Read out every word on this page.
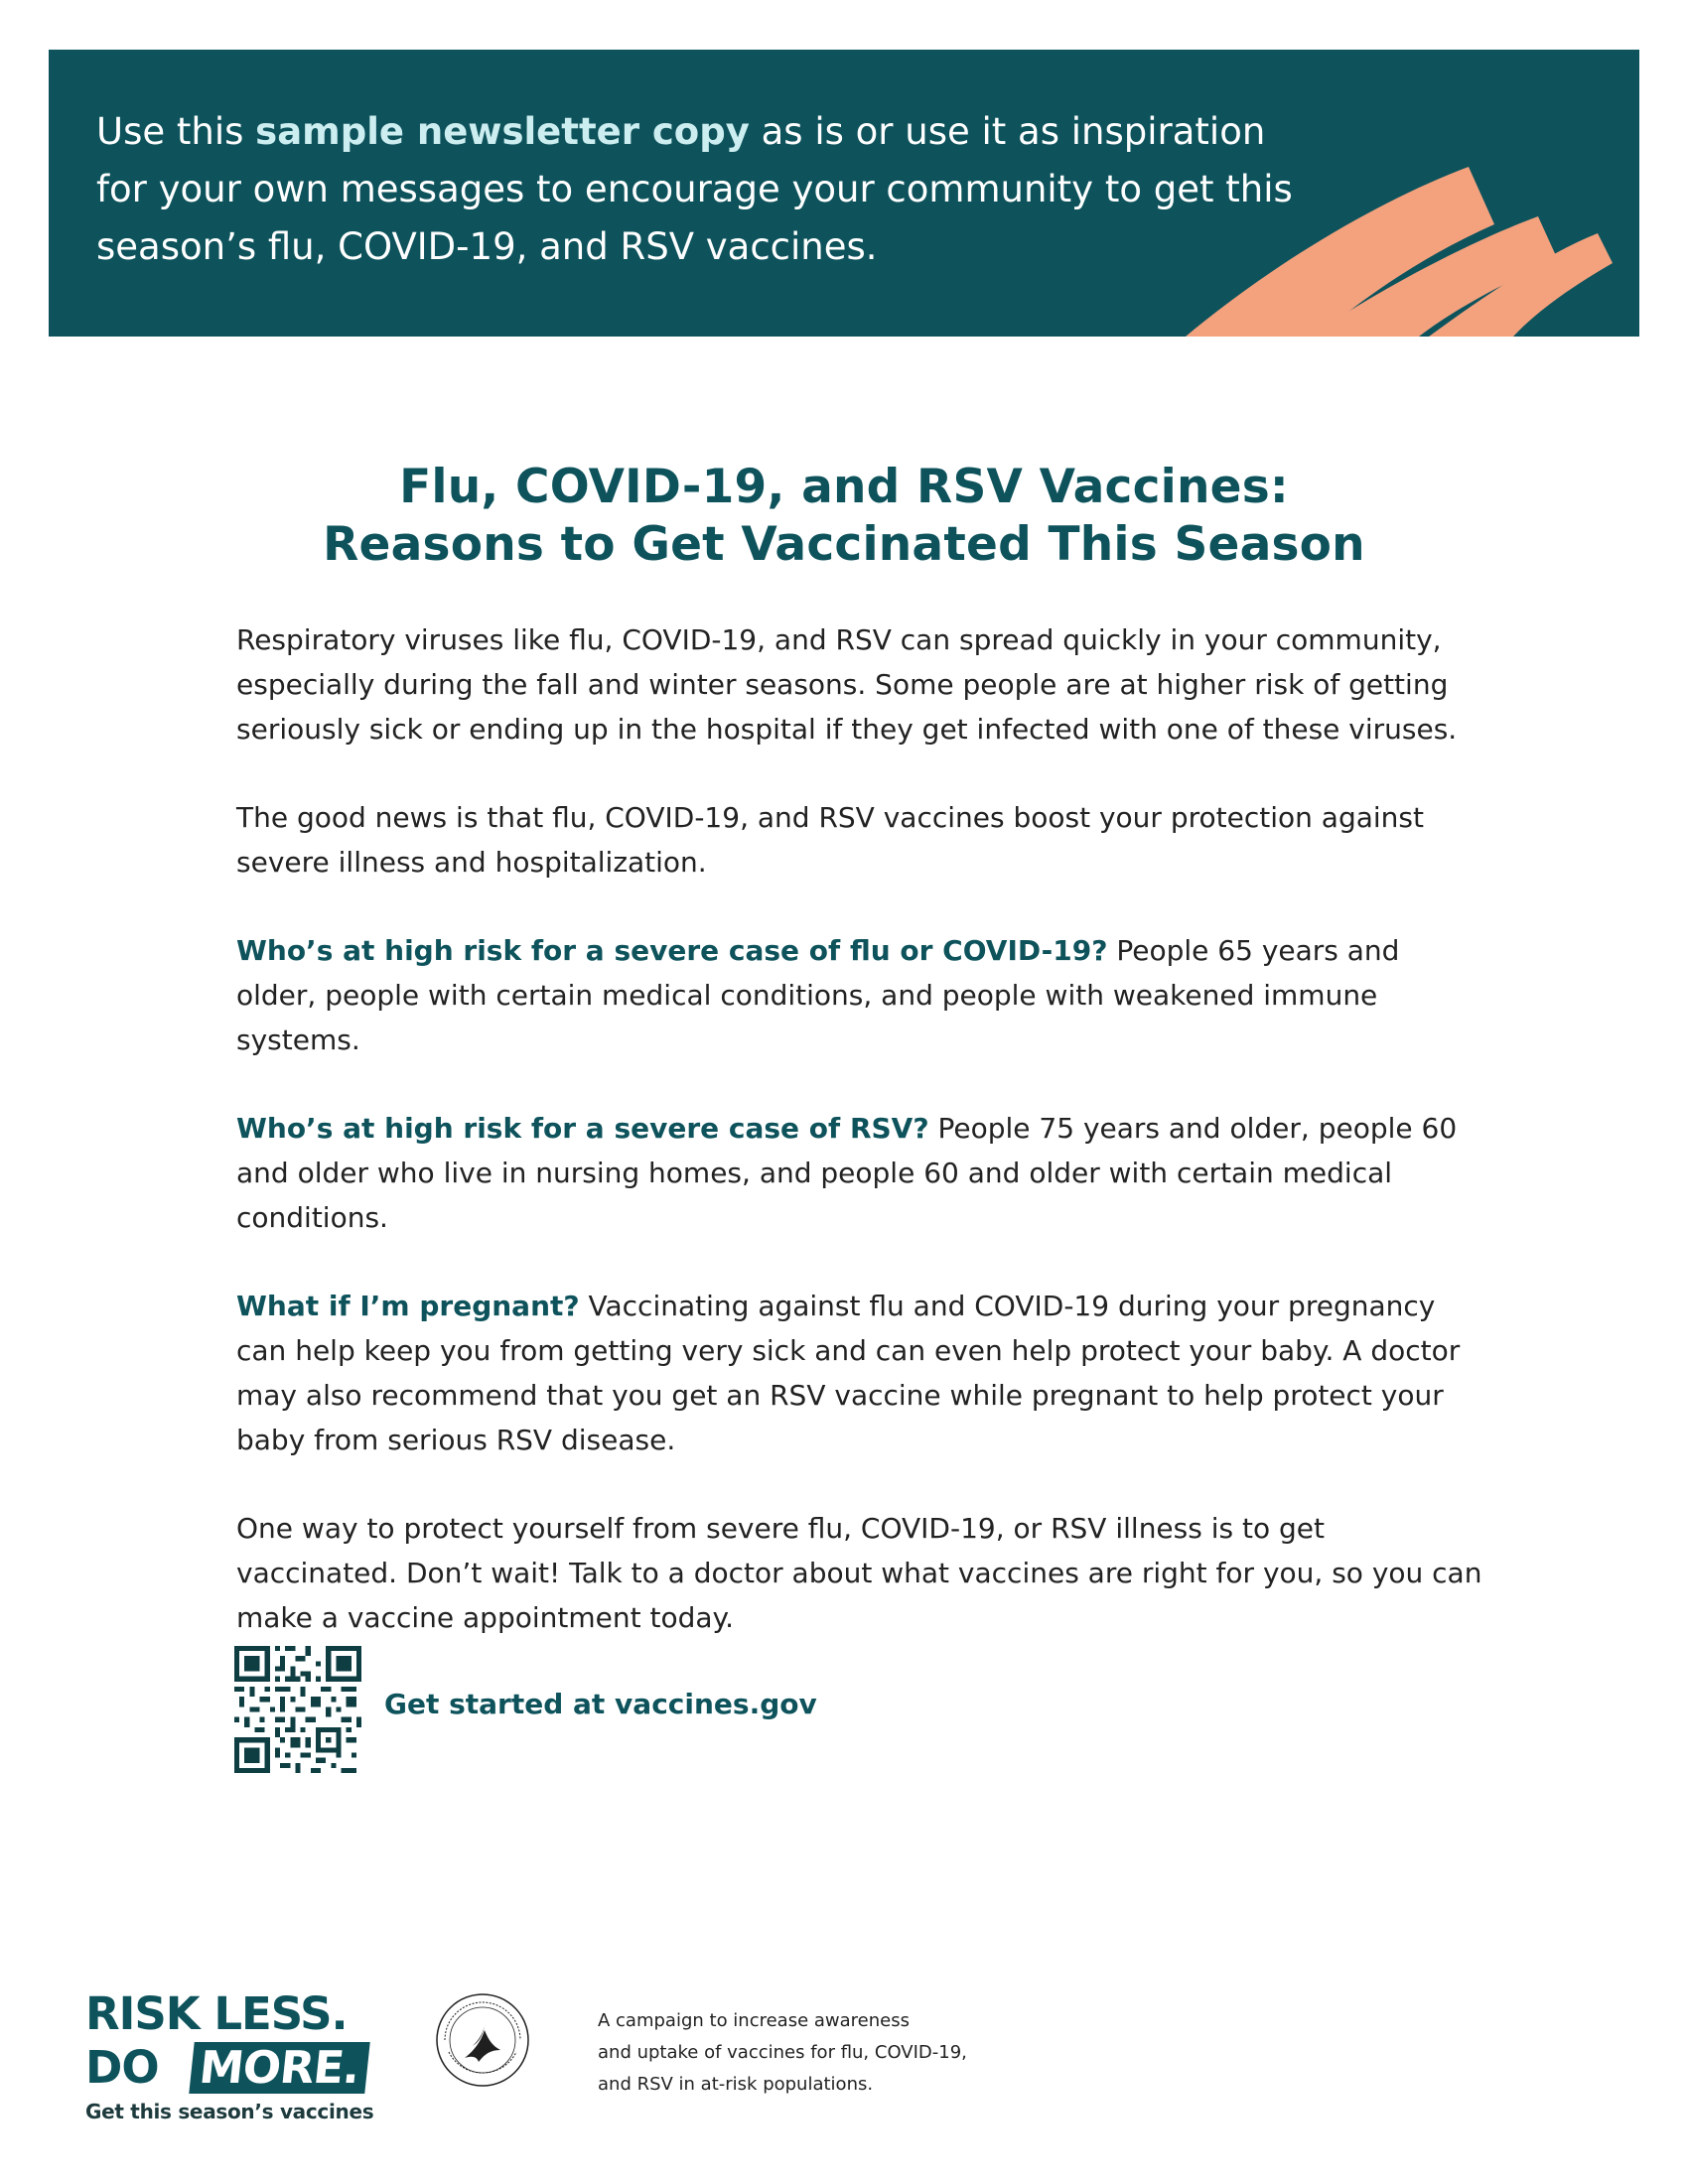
Use this sample newsletter copy as is or use it as inspiration for your own messages to encourage your community to get this season’s flu, COVID-19, and RSV vaccines.

Flu, COVID-19, and RSV Vaccines:
Reasons to Get Vaccinated This Season

Respiratory viruses like flu, COVID-19, and RSV can spread quickly in your community, especially during the fall and winter seasons. Some people are at higher risk of getting seriously sick or ending up in the hospital if they get infected with one of these viruses.

The good news is that flu, COVID-19, and RSV vaccines boost your protection against severe illness and hospitalization.

Who’s at high risk for a severe case of flu or COVID-19? People 65 years and older, people with certain medical conditions, and people with weakened immune systems.

Who’s at high risk for a severe case of RSV? People 75 years and older, people 60 and older who live in nursing homes, and people 60 and older with certain medical conditions.

What if I’m pregnant? Vaccinating against flu and COVID-19 during your pregnancy can help keep you from getting very sick and can even help protect your baby. A doctor may also recommend that you get an RSV vaccine while pregnant to help protect your baby from serious RSV disease.

One way to protect yourself from severe flu, COVID-19, or RSV illness is to get vaccinated. Don’t wait! Talk to a doctor about what vaccines are right for you, so you can make a vaccine appointment today.

Get started at vaccines.gov
RISK LESS.
DO MORE.
Get this season’s vaccines
A campaign to increase awareness
and uptake of vaccines for flu, COVID-19,
and RSV in at-risk populations.
